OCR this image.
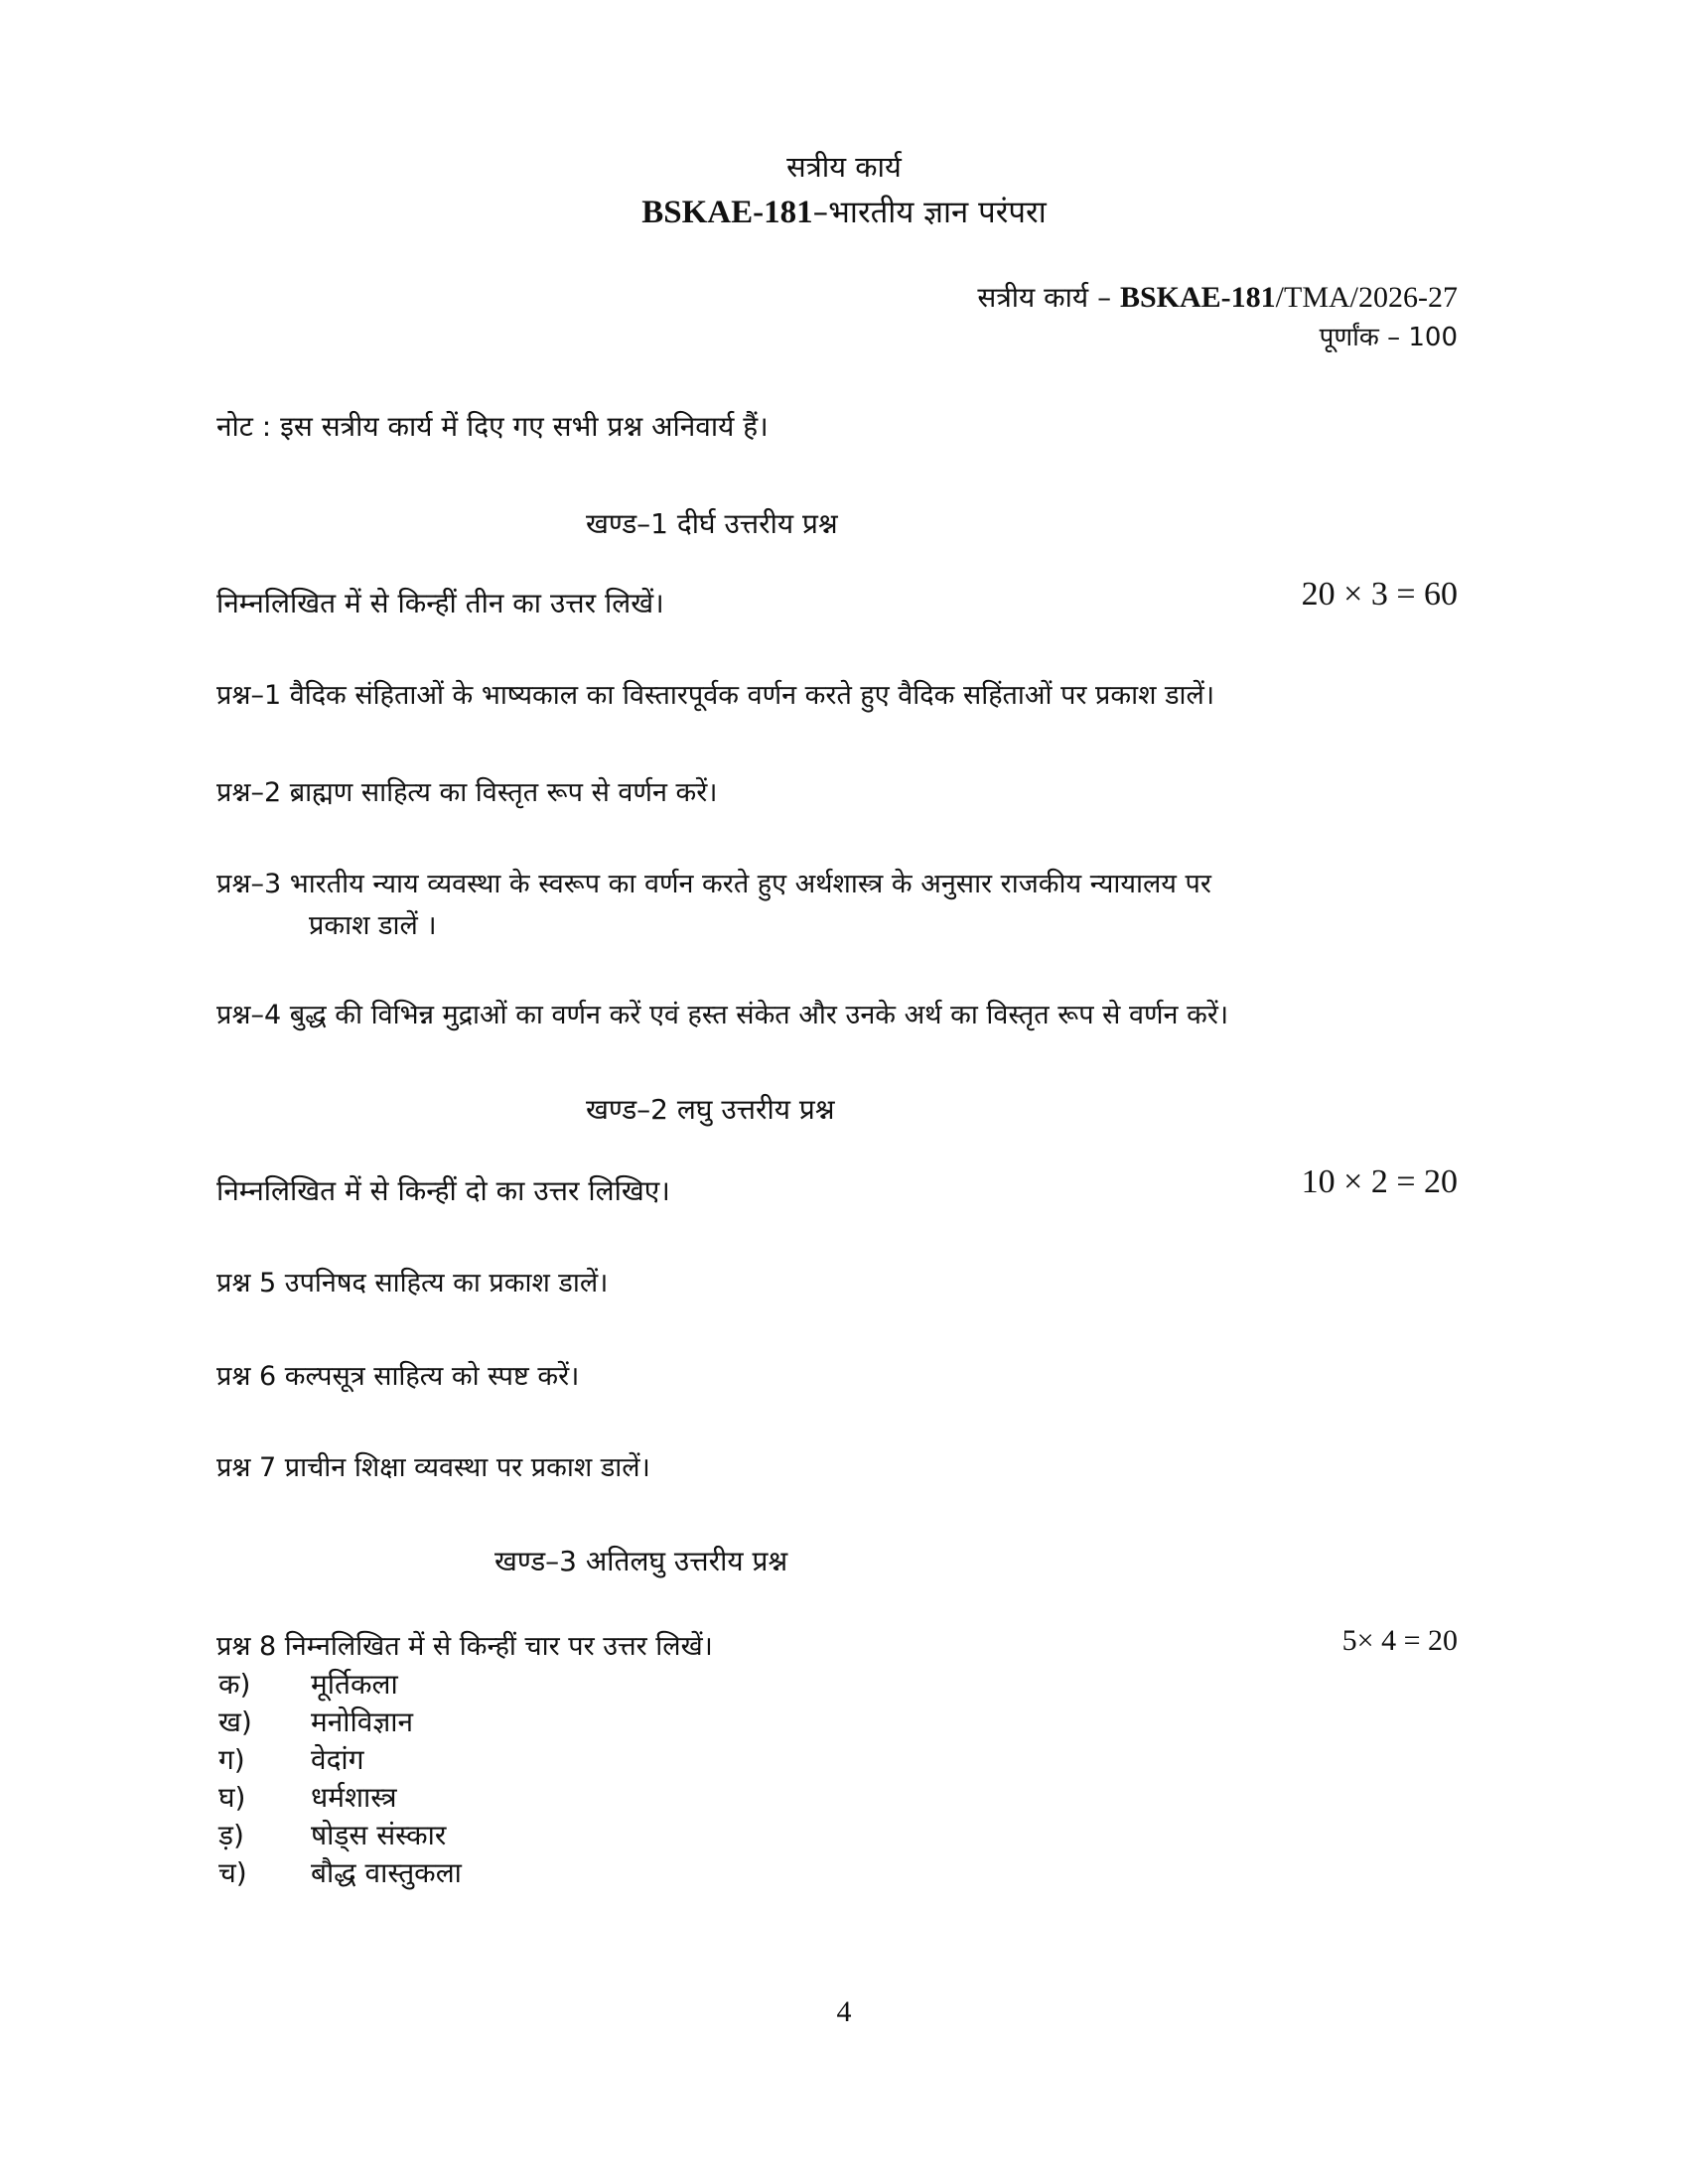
सत्रीय कार्य
BSKAE-181–भारतीय ज्ञान परंपरा
सत्रीय कार्य – BSKAE-181/TMA/2026-27
पूर्णांक – 100
नोट : इस सत्रीय कार्य में दिए गए सभी प्रश्न अनिवार्य हैं।
खण्ड–1 दीर्घ उत्तरीय प्रश्न
निम्नलिखित में से किन्हीं तीन का उत्तर लिखें।	20 × 3 = 60
प्रश्न–1 वैदिक संहिताओं के भाष्यकाल का विस्तारपूर्वक वर्णन करते हुए वैदिक सहिंताओं पर प्रकाश डालें।
प्रश्न–2 ब्राह्मण साहित्य का विस्तृत रूप से वर्णन करें।
प्रश्न–3 भारतीय न्याय व्यवस्था के स्वरूप का वर्णन करते हुए अर्थशास्त्र के अनुसार राजकीय न्यायालय पर
प्रकाश डालें ।
प्रश्न–4 बुद्ध की विभिन्न मुद्राओं का वर्णन करें एवं हस्त संकेत और उनके अर्थ का विस्तृत रूप से वर्णन करें।
खण्ड–2 लघु उत्तरीय प्रश्न
निम्नलिखित में से किन्हीं दो का उत्तर लिखिए।	10 × 2 = 20
प्रश्न 5 उपनिषद साहित्य का प्रकाश डालें।
प्रश्न 6 कल्पसूत्र साहित्य को स्पष्ट करें।
प्रश्न 7 प्राचीन शिक्षा व्यवस्था पर प्रकाश डालें।
खण्ड–3 अतिलघु उत्तरीय प्रश्न
प्रश्न 8 निम्नलिखित में से किन्हीं चार पर उत्तर लिखें।	5× 4 = 20
क) मूर्तिकला
ख) मनोविज्ञान
ग) वेदांग
घ) धर्मशास्त्र
ड़) षोड्स संस्कार
च) बौद्ध वास्तुकला
4
